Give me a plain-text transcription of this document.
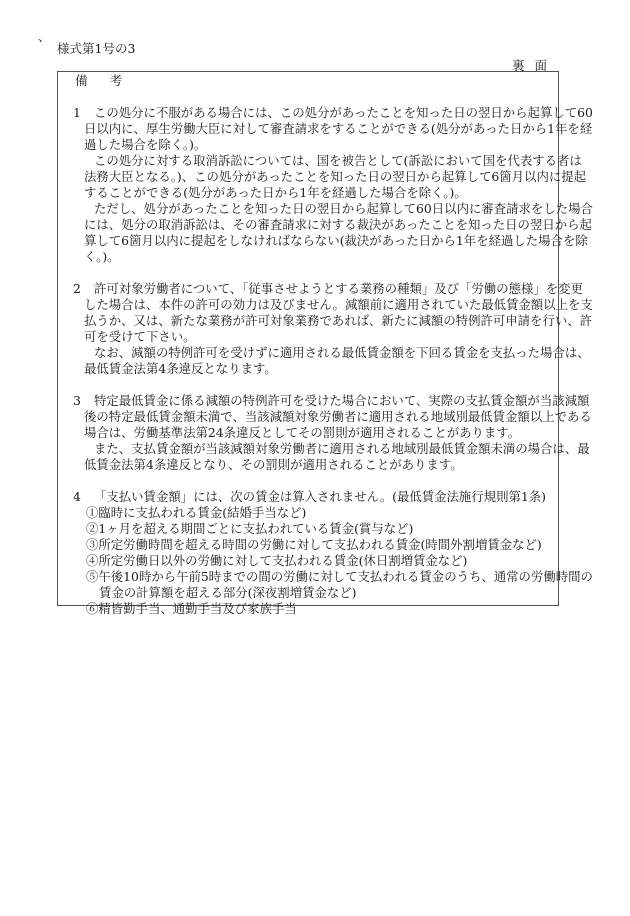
、
様式第1号の3
裏面
備考
1 この処分に不服がある場合には、この処分があったことを知った日の翌日から起算して60
日以内に、厚生労働大臣に対して審査請求をすることができる(処分があった日から1年を経
過した場合を除く。)。
この処分に対する取消訴訟については、国を被告として(訴訟において国を代表する者は
法務大臣となる。)、この処分があったことを知った日の翌日から起算して6箇月以内に提起
することができる(処分があった日から1年を経過した場合を除く。)。
ただし、処分があったことを知った日の翌日から起算して60日以内に審査請求をした場合
には、処分の取消訴訟は、その審査請求に対する裁決があったことを知った日の翌日から起
算して6箇月以内に提起をしなければならない(裁決があった日から1年を経過した場合を除
く。)。
2 許可対象労働者について、「従事させようとする業務の種類」及び「労働の態様」を変更
した場合は、本件の許可の効力は及びません。減額前に適用されていた最低賃金額以上を支
払うか、又は、新たな業務が許可対象業務であれば、新たに減額の特例許可申請を行い、許
可を受けて下さい。
なお、減額の特例許可を受けずに適用される最低賃金額を下回る賃金を支払った場合は、
最低賃金法第4条違反となります。
3 特定最低賃金に係る減額の特例許可を受けた場合において、実際の支払賃金額が当該減額
後の特定最低賃金額未満で、当該減額対象労働者に適用される地域別最低賃金額以上である
場合は、労働基準法第24条違反としてその罰則が適用されることがあります。
また、支払賃金額が当該減額対象労働者に適用される地域別最低賃金額未満の場合は、最
低賃金法第4条違反となり、その罰則が適用されることがあります。
4 「支払い賃金額」には、次の賃金は算入されません。(最低賃金法施行規則第1条)
①臨時に支払われる賃金(結婚手当など)
②1ヶ月を超える期間ごとに支払われている賃金(賞与など)
③所定労働時間を超える時間の労働に対して支払われる賃金(時間外割増賃金など)
④所定労働日以外の労働に対して支払われる賃金(休日割増賃金など)
⑤午後10時から午前5時までの間の労働に対して支払われる賃金のうち、通常の労働時間の
賃金の計算額を超える部分(深夜割増賃金など)
⑥精皆勤手当、通勤手当及び家族手当
